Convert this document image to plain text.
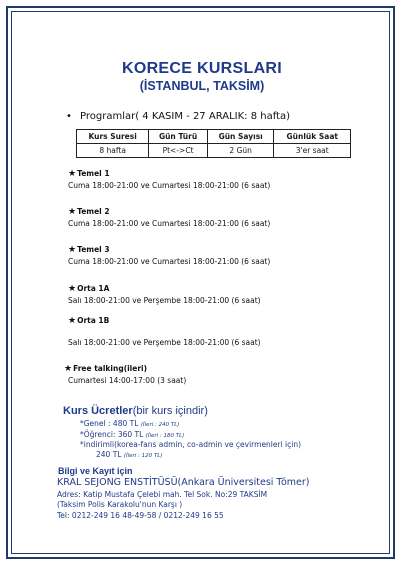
KORECE KURSLARI
(İSTANBUL, TAKSİM)
• Programlar( 4 KASIM - 27 ARALIK: 8 hafta)
Kurs Suresi	Gün Türü	Gün Sayısı	Günlük Saat
8 hafta	Pt<->Ct	2 Gün	3'er saat
★Temel 1
Cuma 18:00-21:00 ve Cumartesi 18:00-21:00 (6 saat)
★Temel 2
Cuma 18:00-21:00 ve Cumartesi 18:00-21:00 (6 saat)
★Temel 3
Cuma 18:00-21:00 ve Cumartesi 18:00-21:00 (6 saat)
★Orta 1A
Salı 18:00-21:00 ve Perşembe 18:00-21:00 (6 saat)
★Orta 1B
Salı 18:00-21:00 ve Perşembe 18:00-21:00 (6 saat)
★Free talking(ileri)
Cumartesi 14:00-17:00 (3 saat)
Kurs Ücretler(bir kurs içindir)
*Genel : 480 TL (İleri : 240 TL)
*Öğrenci: 360 TL (İleri : 180 TL)
*indirimli(korea-fans admin, co-admin ve çevirmenleri için)
240 TL (İleri : 120 TL)
Bilgi ve Kayıt için
KRAL SEJONG ENSTİTÜSÜ(Ankara Üniversitesi Tömer)
Adres: Katip Mustafa Çelebi mah. Tel Sok. No:29 TAKSİM
(Taksim Polis Karakolu'nun Karşı )
Tel: 0212-249 16 48-49-58 / 0212-249 16 55
